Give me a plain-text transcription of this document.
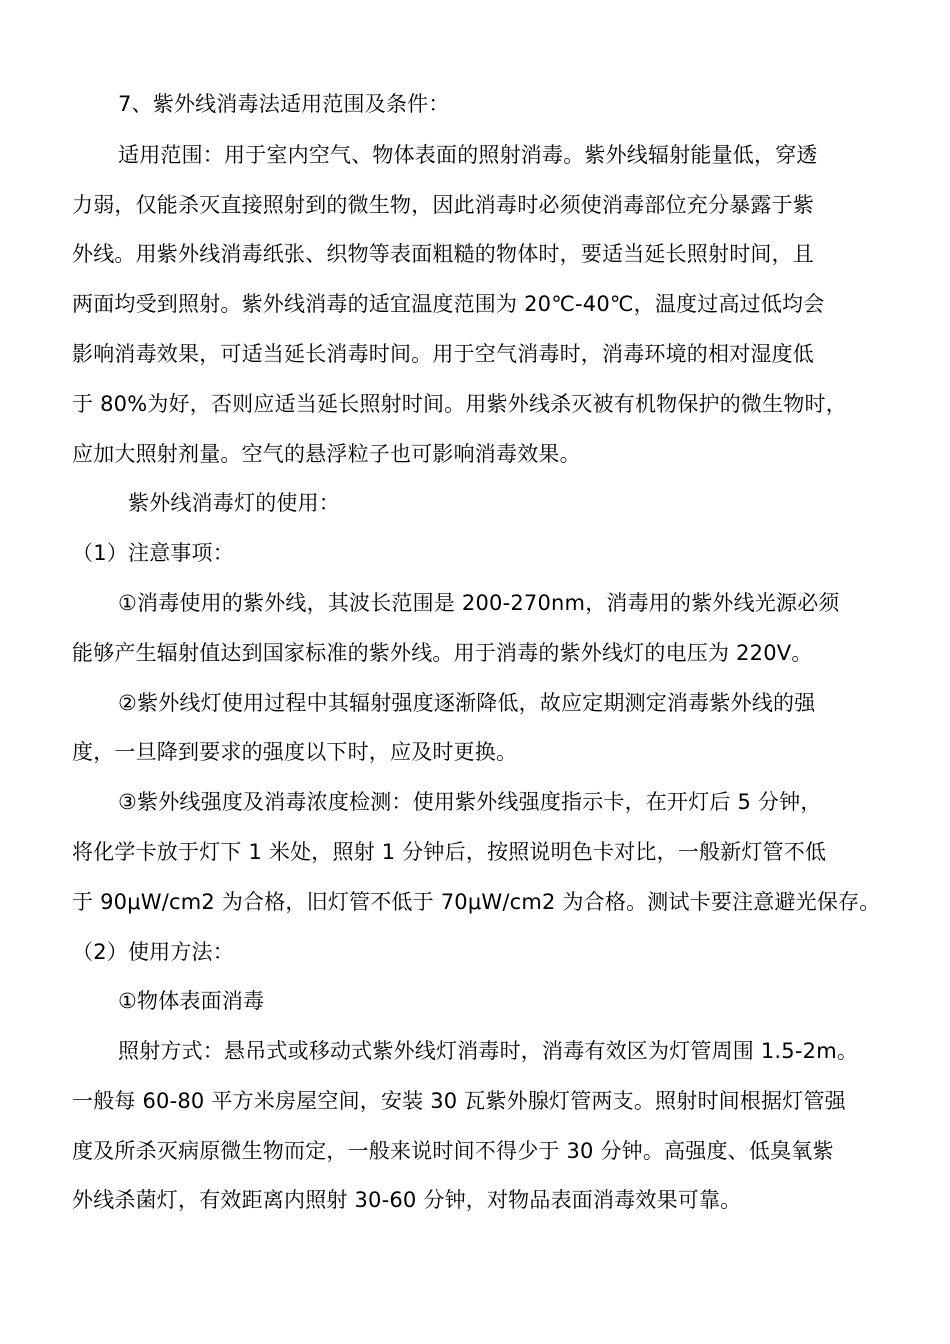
7、紫外线消毒法适用范围及条件：
适用范围：用于室内空气、物体表面的照射消毒。紫外线辐射能量低，穿透
力弱，仅能杀灭直接照射到的微生物，因此消毒时必须使消毒部位充分暴露于紫
外线。用紫外线消毒纸张、织物等表面粗糙的物体时，要适当延长照射时间，且
两面均受到照射。紫外线消毒的适宜温度范围为 20℃-40℃，温度过高过低均会
影响消毒效果，可适当延长消毒时间。用于空气消毒时，消毒环境的相对湿度低
于 80%为好，否则应适当延长照射时间。用紫外线杀灭被有机物保护的微生物时，
应加大照射剂量。空气的悬浮粒子也可影响消毒效果。
紫外线消毒灯的使用：
（1）注意事项：
①消毒使用的紫外线，其波长范围是 200-270nm，消毒用的紫外线光源必须
能够产生辐射值达到国家标准的紫外线。用于消毒的紫外线灯的电压为 220V。
②紫外线灯使用过程中其辐射强度逐渐降低，故应定期测定消毒紫外线的强
度，一旦降到要求的强度以下时，应及时更换。
③紫外线强度及消毒浓度检测：使用紫外线强度指示卡，在开灯后 5 分钟，
将化学卡放于灯下 1 米处，照射 1 分钟后，按照说明色卡对比，一般新灯管不低
于 90μW/cm2 为合格，旧灯管不低于 70μW/cm2 为合格。测试卡要注意避光保存。
（2）使用方法：
①物体表面消毒
照射方式：悬吊式或移动式紫外线灯消毒时，消毒有效区为灯管周围 1.5-2m。
一般每 60-80 平方米房屋空间，安装 30 瓦紫外腺灯管两支。照射时间根据灯管强
度及所杀灭病原微生物而定，一般来说时间不得少于 30 分钟。高强度、低臭氧紫
外线杀菌灯，有效距离内照射 30-60 分钟，对物品表面消毒效果可靠。
